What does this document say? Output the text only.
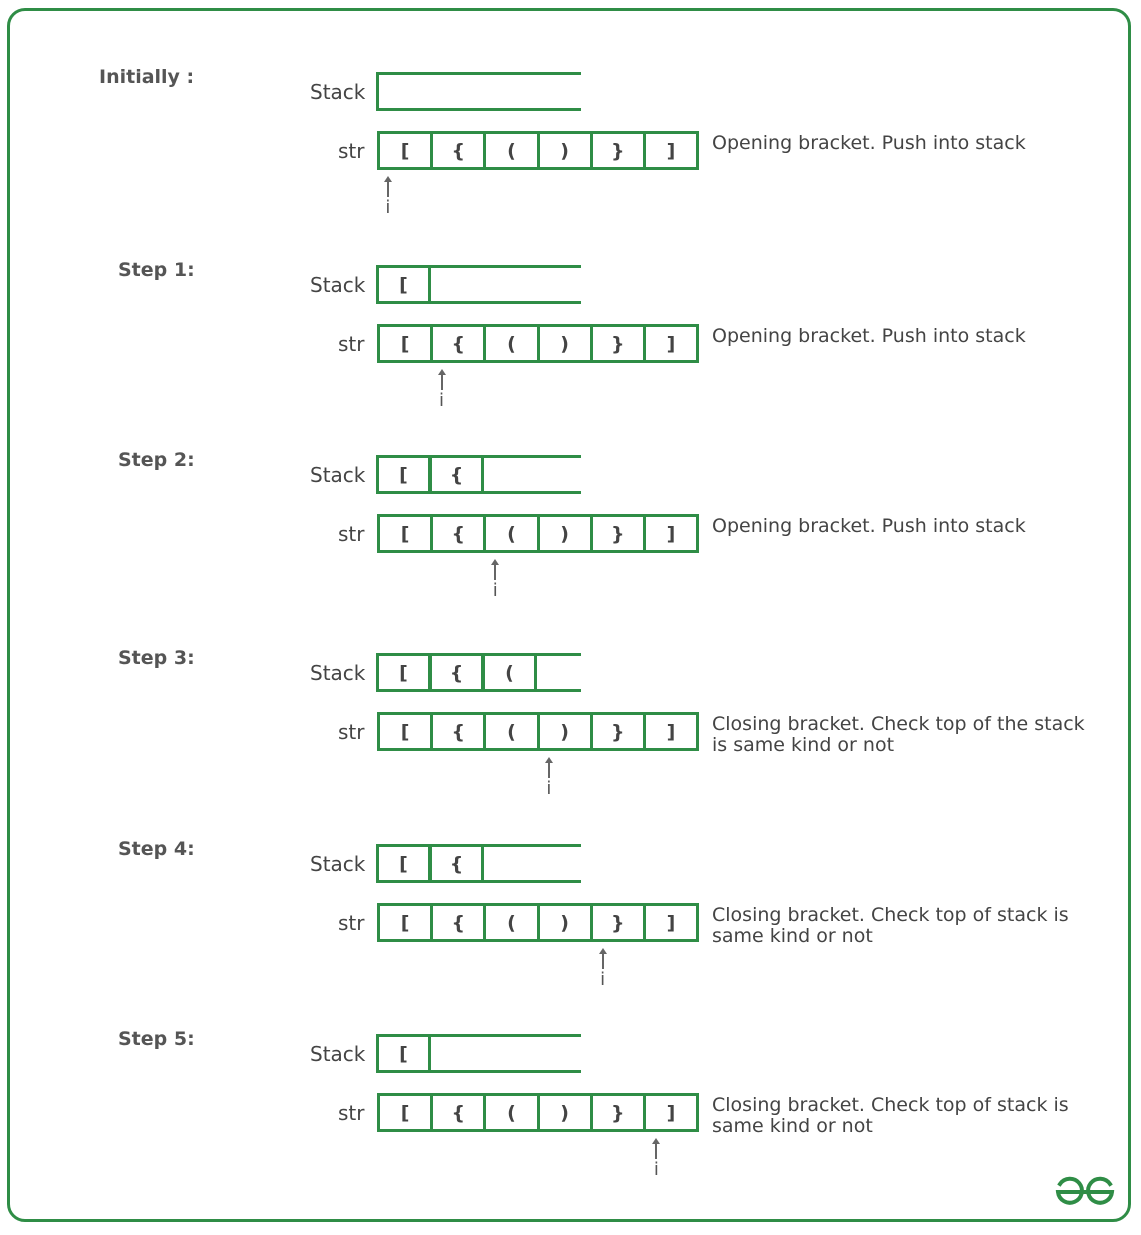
Initially :
Stack
str	[	{	(	)	}	]	Opening bracket. Push into stack
i
Step 1:
Stack	[
str	[	{	(	)	}	]	Opening bracket. Push into stack
i
Step 2:
Stack	[	{
str	[	{	(	)	}	]	Opening bracket. Push into stack
i
Step 3:
Stack	[	{	(
str	[	{	(	)	}	]	Closing bracket. Check top of the stack
is same kind or not
i
Step 4:
Stack	[	{
str	[	{	(	)	}	]	Closing bracket. Check top of stack is
same kind or not
i
Step 5:
Stack	[
str	[	{	(	)	}	]	Closing bracket. Check top of stack is
same kind or not
i
